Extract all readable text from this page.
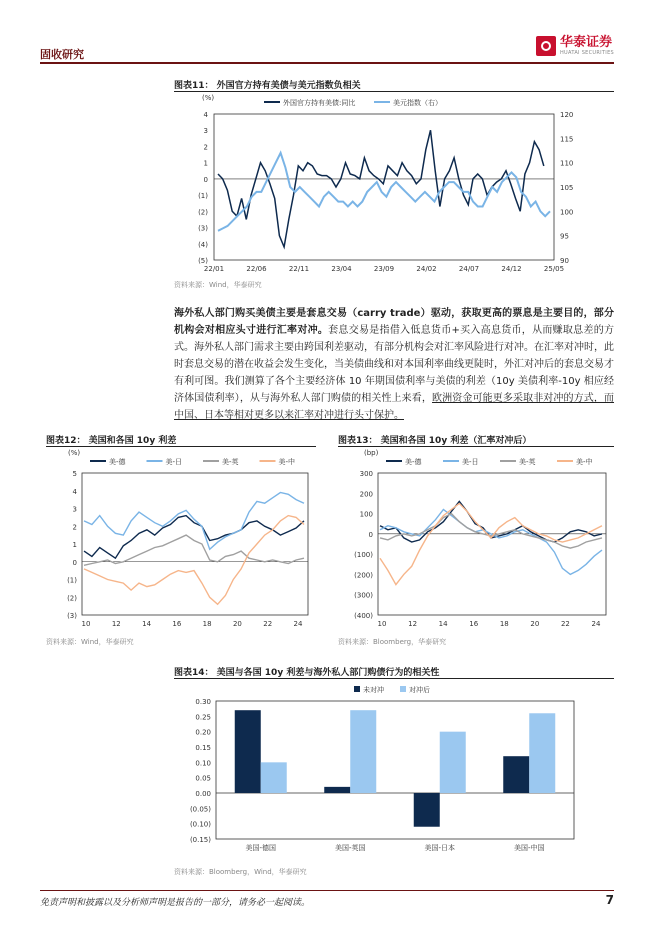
固收研究
华泰证券
HUATAI SECURITIES
图表11： 外国官方持有美债与美元指数负相关
(%)
4
3
2
1
0
(1)
(2)
(3)
(4)
(5)
120
115
110
105
100
95
90
22/01	22/06	22/11	23/04	23/09	24/02	24/07	24/12	25/05
外国官方持有美债:同比	美元指数（右）
资料来源：Wind，华泰研究
海外私人部门购买美债主要是套息交易（carry trade）驱动，获取更高的票息是主要目的，部分机构会对相应头寸进行汇率对冲。套息交易是指借入低息货币+买入高息货币，从而赚取息差的方式。海外私人部门需求主要由跨国利差驱动，有部分机构会对汇率风险进行对冲。在汇率对冲时，此时套息交易的潜在收益会发生变化，当美债曲线和对本国利率曲线更陡时，外汇对冲后的套息交易才有利可图。我们测算了各个主要经济体 10 年期国债利率与美债的利差（10y 美债利率-10y 相应经济体国债利率），从与海外私人部门购债的相关性上来看，欧洲资金可能更多采取非对冲的方式，而中国、日本等相对更多以来汇率对冲进行头寸保护。
图表12： 美国和各国 10y 利差
(%)
5
4
3
2
1
0
(1)
(2)
(3)
10	12	14	16	18	20	22	24
美-德	美-日	美-英	美-中
资料来源：Wind，华泰研究
图表13： 美国和各国 10y 利差（汇率对冲后）
(bp)
300
200
100
0
(100)
(200)
(300)
(400)
10	12	14	16	18	20	22	24
美-德	美-日	美-英	美-中
资料来源：Bloomberg，华泰研究
图表14： 美国与各国 10y 利差与海外私人部门购债行为的相关性
0.30
0.25
0.20
0.15
0.10
0.05
0.00
(0.05)
(0.10)
(0.15)
美国-德国	美国-英国	美国-日本	美国-中国
未对冲	对冲后
资料来源：Bloomberg，Wind，华泰研究
免责声明和披露以及分析师声明是报告的一部分，请务必一起阅读。	7
